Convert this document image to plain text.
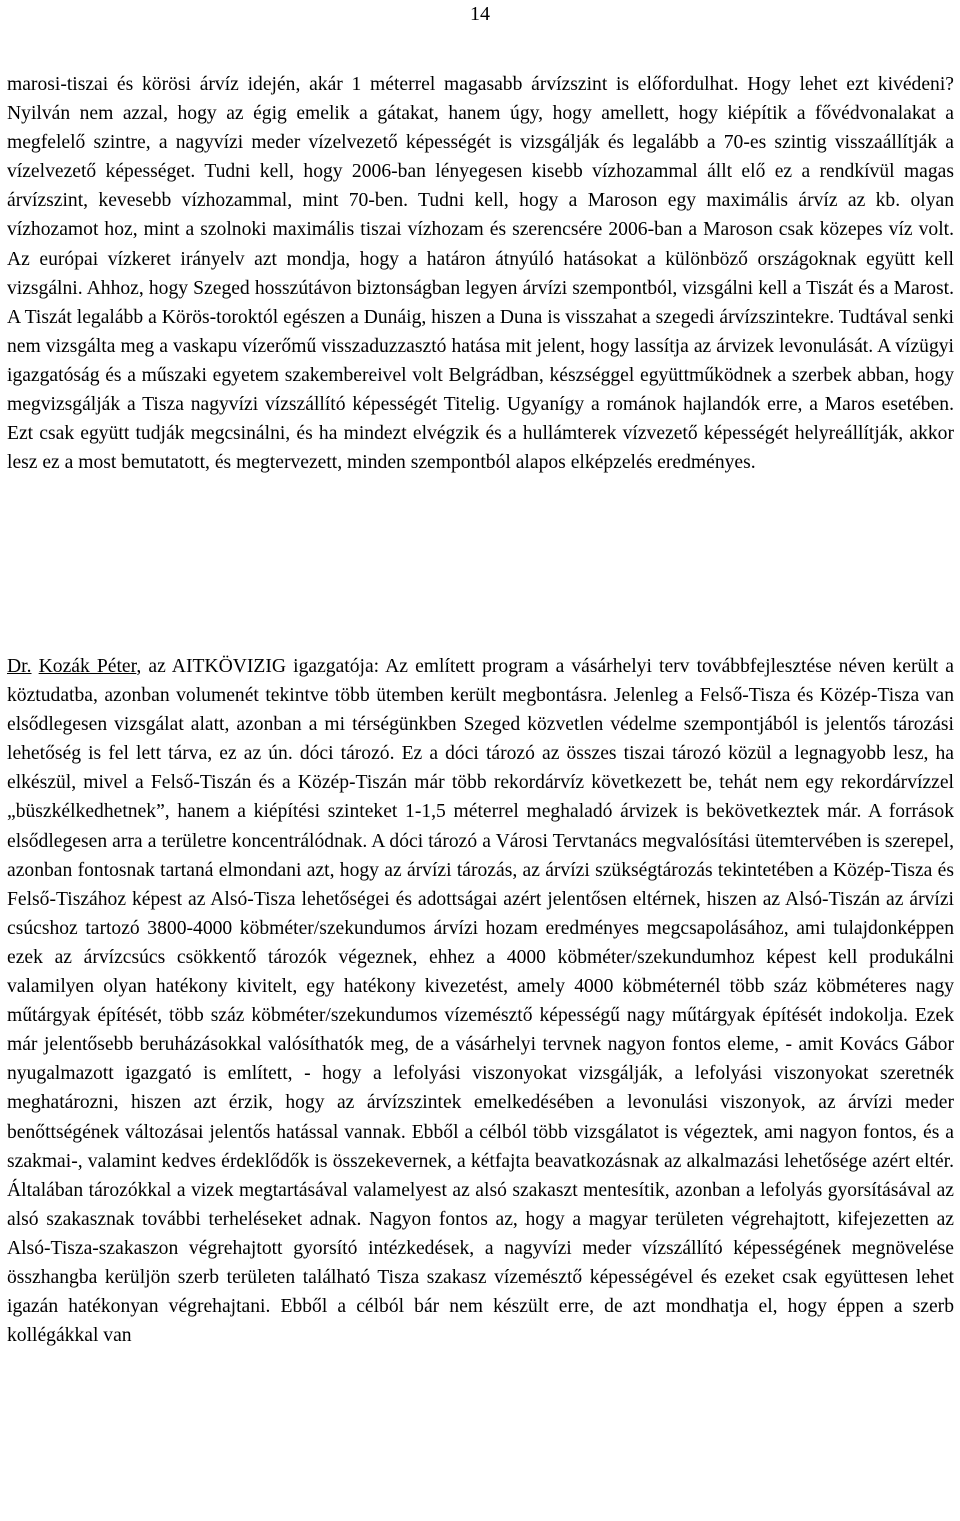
14

marosi-tiszai és körösi árvíz idején, akár 1 méterrel magasabb árvízszint is előfordulhat. Hogy lehet ezt kivédeni? Nyilván nem azzal, hogy az égig emelik a gátakat, hanem úgy, hogy amellett, hogy kiépítik a fővédvonalakat a megfelelő szintre, a nagyvízi meder vízelvezető képességét is vizsgálják és legalább a 70-es szintig visszaállítják a vízelvezető képességet. Tudni kell, hogy 2006-ban lényegesen kisebb vízhozammal állt elő ez a rendkívül magas árvízszint, kevesebb vízhozammal, mint 70-ben. Tudni kell, hogy a Maroson egy maximális árvíz az kb. olyan vízhozamot hoz, mint a szolnoki maximális tiszai vízhozam és szerencsére 2006-ban a Maroson csak közepes víz volt. Az európai vízkeret irányelv azt mondja, hogy a határon átnyúló hatásokat a különböző országoknak együtt kell vizsgálni. Ahhoz, hogy Szeged hosszútávon biztonságban legyen árvízi szempontból, vizsgálni kell a Tiszát és a Marost. A Tiszát legalább a Körös-toroktól egészen a Dunáig, hiszen a Duna is visszahat a szegedi árvízszintekre. Tudtával senki nem vizsgálta meg a vaskapu vízerőmű visszaduzzasztó hatása mit jelent, hogy lassítja az árvizek levonulását. A vízügyi igazgatóság és a műszaki egyetem szakembereivel volt Belgrádban, készséggel együttműködnek a szerbek abban, hogy megvizsgálják a Tisza nagyvízi vízszállító képességét Titelig. Ugyanígy a románok hajlandók erre, a Maros esetében. Ezt csak együtt tudják megcsinálni, és ha mindezt elvégzik és a hullámterek vízvezető képességét helyreállítják, akkor lesz ez a most bemutatott, és megtervezett, minden szempontból alapos elképzelés eredményes.

Dr. Kozák Péter, az AITKÖVIZIG igazgatója: Az említett program a vásárhelyi terv továbbfejlesztése néven került a köztudatba, azonban volumenét tekintve több ütemben került megbontásra. Jelenleg a Felső-Tisza és Közép-Tisza van elsődlegesen vizsgálat alatt, azonban a mi térségünkben Szeged közvetlen védelme szempontjából is jelentős tározási lehetőség is fel lett tárva, ez az ún. dóci tározó. Ez a dóci tározó az összes tiszai tározó közül a legnagyobb lesz, ha elkészül, mivel a Felső-Tiszán és a Közép-Tiszán már több rekordárvíz következett be, tehát nem egy rekordárvízzel „büszkélkedhetnek”, hanem a kiépítési szinteket 1-1,5 méterrel meghaladó árvizek is bekövetkeztek már. A források elsődlegesen arra a területre koncentrálódnak. A dóci tározó a Városi Tervtanács megvalósítási ütemtervében is szerepel, azonban fontosnak tartaná elmondani azt, hogy az árvízi tározás, az árvízi szükségtározás tekintetében a Közép-Tisza és Felső-Tiszához képest az Alsó-Tisza lehetőségei és adottságai azért jelentősen eltérnek, hiszen az Alsó-Tiszán az árvízi csúcshoz tartozó 3800-4000 köbméter/szekundumos árvízi hozam eredményes megcsapolásához, ami tulajdonképpen ezek az árvízcsúcs csökkentő tározók végeznek, ehhez a 4000 köbméter/szekundumhoz képest kell produkálni valamilyen olyan hatékony kivitelt, egy hatékony kivezetést, amely 4000 köbméternél több száz köbméteres nagy műtárgyak építését, több száz köbméter/szekundumos vízemésztő képességű nagy műtárgyak építését indokolja. Ezek már jelentősebb beruházásokkal valósíthatók meg, de a vásárhelyi tervnek nagyon fontos eleme, - amit Kovács Gábor nyugalmazott igazgató is említett, - hogy a lefolyási viszonyokat vizsgálják, a lefolyási viszonyokat szeretnék meghatározni, hiszen azt érzik, hogy az árvízszintek emelkedésében a levonulási viszonyok, az árvízi meder benőttségének változásai jelentős hatással vannak. Ebből a célból több vizsgálatot is végeztek, ami nagyon fontos, és a szakmai-, valamint kedves érdeklődők is összekevernek, a kétfajta beavatkozásnak az alkalmazási lehetősége azért eltér. Általában tározókkal a vizek megtartásával valamelyest az alsó szakaszt mentesítik, azonban a lefolyás gyorsításával az alsó szakasznak további terheléseket adnak. Nagyon fontos az, hogy a magyar területen végrehajtott, kifejezetten az Alsó-Tisza-szakaszon végrehajtott gyorsító intézkedések, a nagyvízi meder vízszállító képességének megnövelése összhangba kerüljön szerb területen található Tisza szakasz vízemésztő képességével és ezeket csak együttesen lehet igazán hatékonyan végrehajtani. Ebből a célból bár nem készült erre, de azt mondhatja el, hogy éppen a szerb kollégákkal van
